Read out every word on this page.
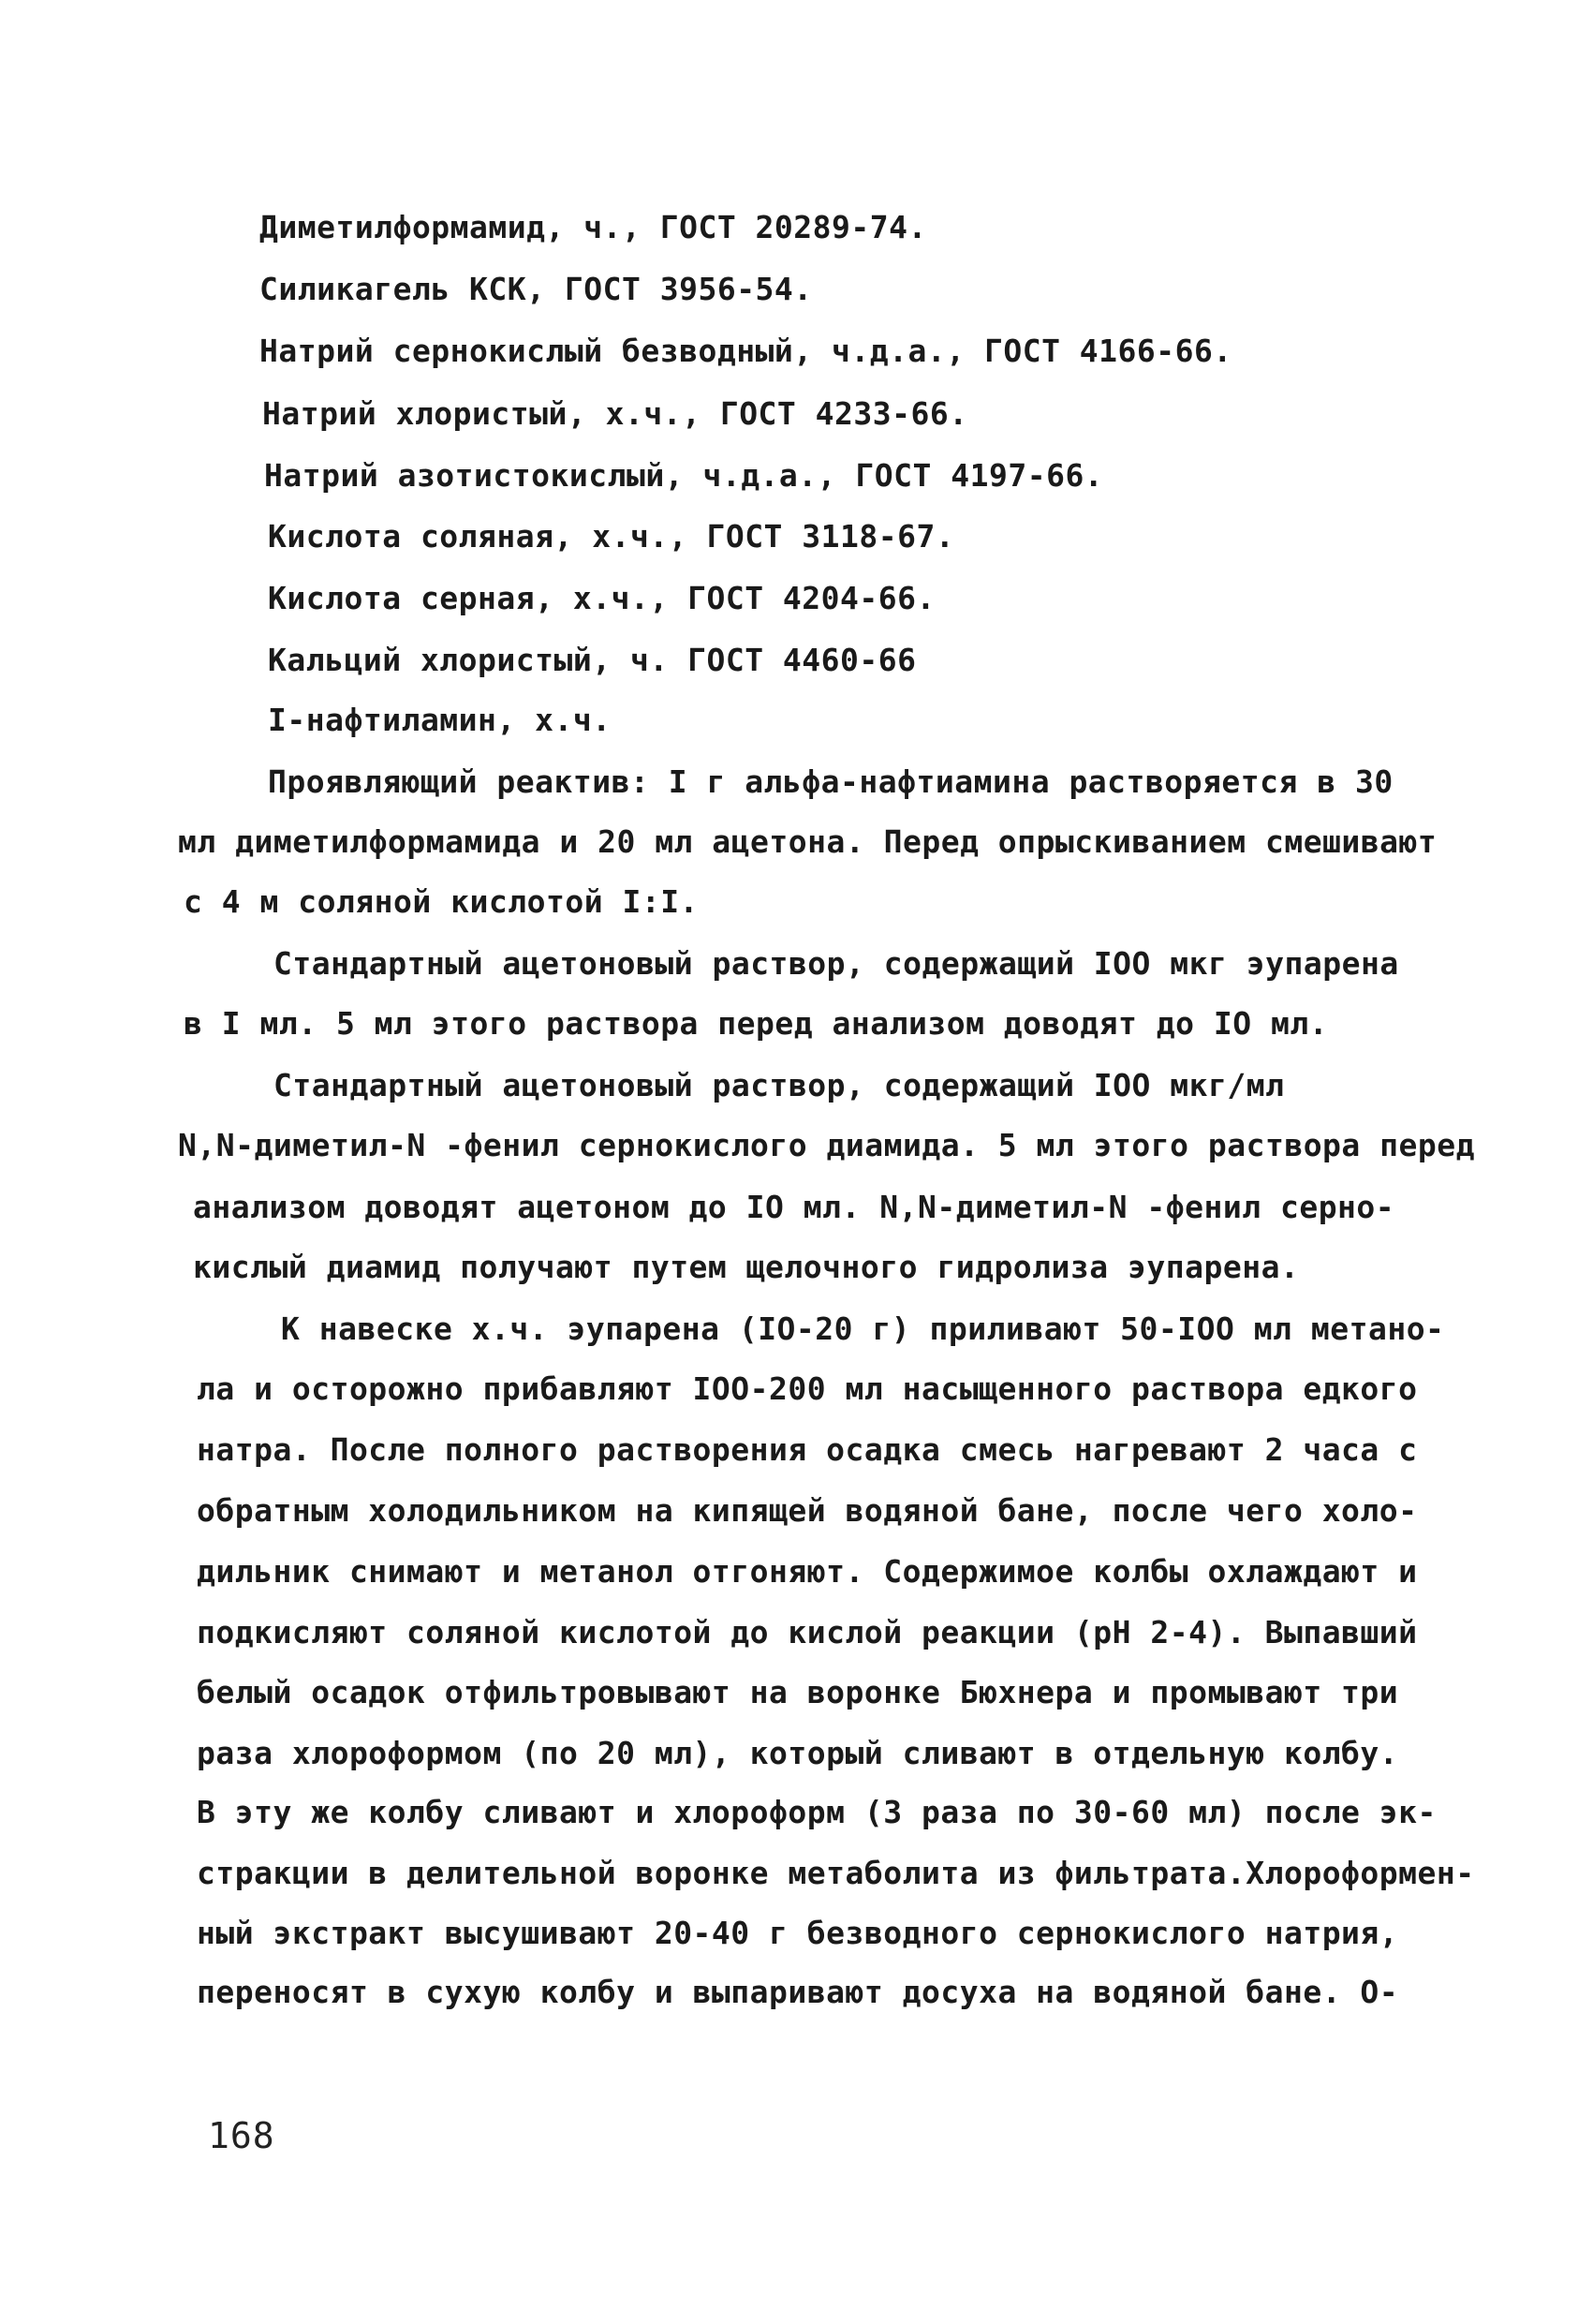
Диметилформамид, ч., ГОСТ 20289-74.
Силикагель КСК, ГОСТ 3956-54.
Натрий сернокислый безводный, ч.д.а., ГОСТ 4166-66.
Натрий хлористый, х.ч., ГОСТ 4233-66.
Натрий азотистокислый, ч.д.а., ГОСТ 4197-66.
Кислота соляная, х.ч., ГОСТ 3118-67.
Кислота серная, х.ч., ГОСТ 4204-66.
Кальций хлористый, ч. ГОСТ 4460-66
I-нафтиламин, х.ч.
Проявляющий реактив: I г альфа-нафтиамина растворяется в 30
мл диметилформамида и 20 мл ацетона. Перед опрыскиванием смешивают
с 4 м соляной кислотой I:I.
Стандартный ацетоновый раствор, содержащий IOO мкг эупарена
в I мл. 5 мл этого раствора перед анализом доводят до IO мл.
Стандартный ацетоновый раствор, содержащий IOO мкг/мл
N,N-диметил-N -фенил сернокислого диамида. 5 мл этого раствора перед
анализом доводят ацетоном до IO мл. N,N-диметил-N -фенил серно-
кислый диамид получают путем щелочного гидролиза эупарена.
К навеске х.ч. эупарена (IO-20 г) приливают 50-IOO мл метано-
ла и осторожно прибавляют IOO-200 мл насыщенного раствора едкого
натра. После полного растворения осадка смесь нагревают 2 часа с
обратным холодильником на кипящей водяной бане, после чего холо-
дильник снимают и метанол отгоняют. Содержимое колбы охлаждают и
подкисляют соляной кислотой до кислой реакции (pH 2-4). Выпавший
белый осадок отфильтровывают на воронке Бюхнера и промывают три
раза хлороформом (по 20 мл), который сливают в отдельную колбу.
В эту же колбу сливают и хлороформ (3 раза по 30-60 мл) после эк-
стракции в делительной воронке метаболита из фильтрата.Хлороформен-
ный экстракт высушивают 20-40 г безводного сернокислого натрия,
переносят в сухую колбу и выпаривают досуха на водяной бане. О-
168
